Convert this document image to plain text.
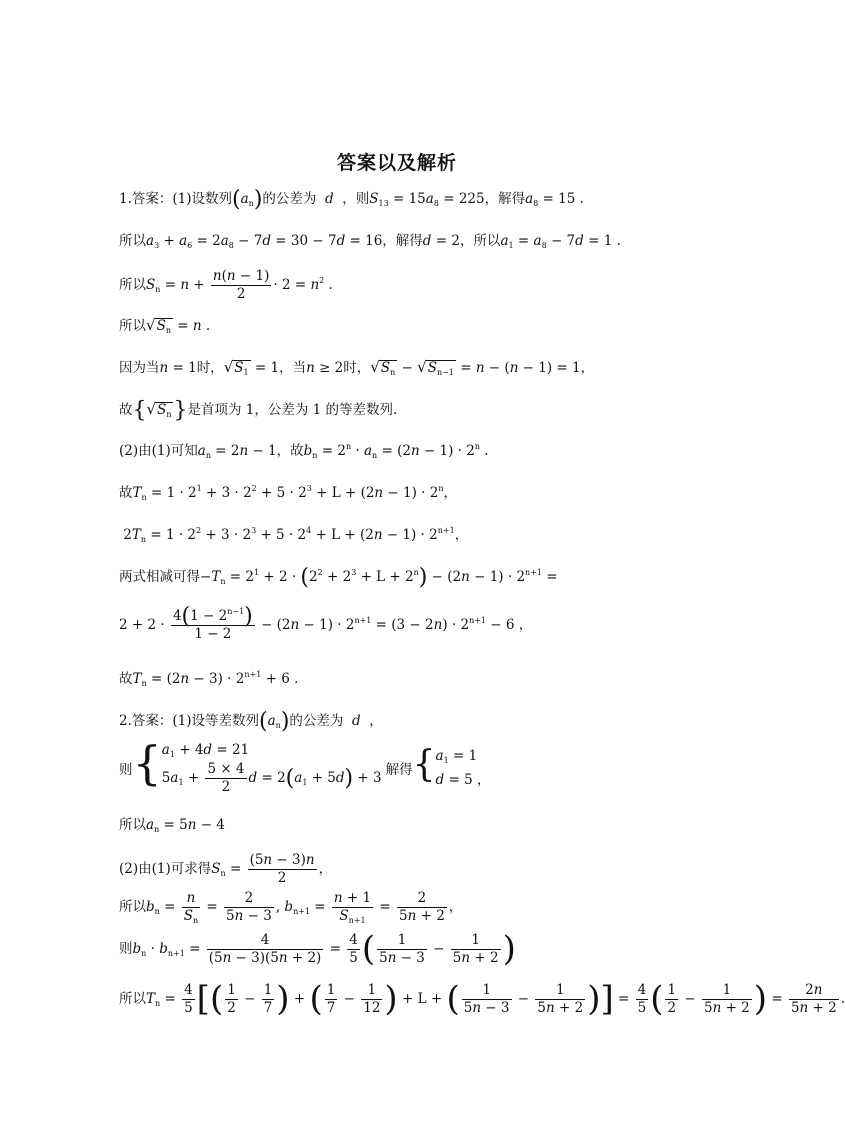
答案以及解析
1.答案：(1)设数列$(a_n)$的公差为 d ，则$S_{13} = 15a_8 = 225$，解得$a_8 = 15$ .
所以$a_3 + a_6 = 2a_8 - 7d = 30 - 7d = 16$，解得d = 2，所以$a_1 = a_8 - 7d = 1$ .
所以$S_n = n + \frac{n(n - 1)}{2} \cdot 2 = n^2$ .
所以$√S_n = n$ .
因为当n = 1时，$√S_1 = 1$，当n ≥ 2时，$√S_n - √S_{n-1} = n - (n - 1) = 1$，
故$\{√S_n\}$是首项为 1，公差为 1 的等差数列.
(2)由(1)可知$a_n = 2n - 1$，故$b_n = 2^n \cdot a_n = (2n - 1) \cdot 2^n$ .
故$T_n = 1 \cdot 2^1 + 3 \cdot 2^2 + 5 \cdot 2^3 + L + (2n - 1) \cdot 2^n$，
$2T_n = 1 \cdot 2^2 + 3 \cdot 2^3 + 5 \cdot 2^4 + L + (2n - 1) \cdot 2^{n+1}$，
两式相减可得$-T_n = 2^1 + 2 \cdot (2^2 + 2^3 + L + 2^n) - (2n - 1) \cdot 2^{n+1}$ =
$2 + 2 \cdot \frac{4(1 - 2^{n-1})}{1 - 2} - (2n - 1) \cdot 2^{n+1} = (3 - 2n) \cdot 2^{n+1} - 6$ ，
故$T_n = (2n - 3) \cdot 2^{n+1} + 6$ .
2.答案：(1)设等差数列$(a_n)$的公差为 d  ，
则 { $a_1 + 4d = 21$
$5a_1 + \frac{5 \times 4}{2}$ $d = 2(a_1 + 5d) + 3$ 解得 { $a_1 = 1$
d = 5 ，
所以$a_n = 5n - 4$
(2)由(1)可求得$S_n = \frac{(5n - 3)n}{2}$ ，
所以$b_n = \frac{n}{S_n} = \frac{2}{5n - 3}$ , $b_{n+1} = \frac{n + 1}{S_{n+1}} = \frac{2}{5n + 2}$ ，
则$b_n \cdot b_{n+1} = \frac{4}{(5n - 3)(5n + 2)} = \frac{4}{5}$ ( $\frac{1}{5n - 3} - \frac{1}{5n + 2}$ )
所以$T_n = \frac{4}{5}$ [( $\frac{1}{2} - \frac{1}{7}$ ) + ( $\frac{1}{7} - \frac{1}{12}$ ) + L + ( $\frac{1}{5n - 3} - \frac{1}{5n + 2}$ )] = $\frac{4}{5}$ ( $\frac{1}{2} - \frac{1}{5n + 2}$ ) = $\frac{2n}{5n + 2}$ .
